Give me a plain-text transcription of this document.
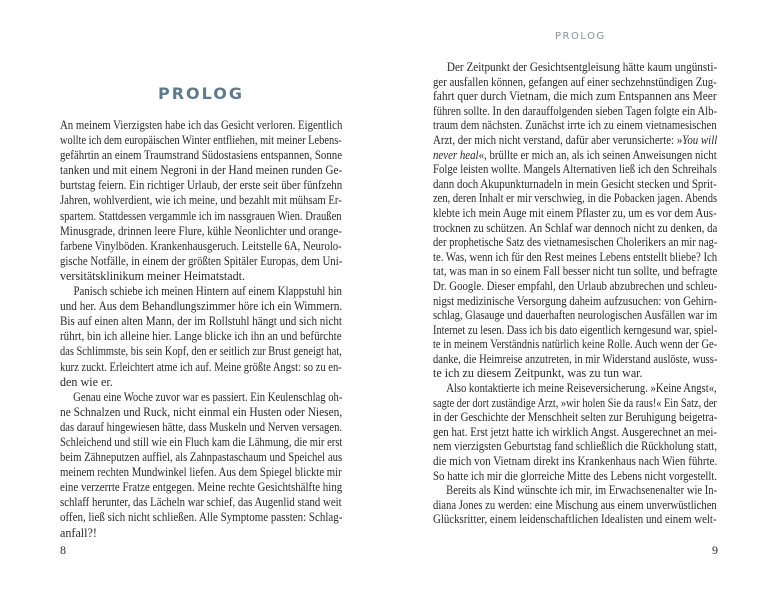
PROLOG
An meinem Vierzigsten habe ich das Gesicht verloren. Eigentlich
wollte ich dem europäischen Winter entfliehen, mit meiner Lebens-
gefährtin an einem Traumstrand Südostasiens entspannen, Sonne
tanken und mit einem Negroni in der Hand meinen runden Ge-
burtstag feiern. Ein richtiger Urlaub, der erste seit über fünfzehn
Jahren, wohlverdient, wie ich meine, und bezahlt mit mühsam Er-
spartem. Stattdessen vergammle ich im nassgrauen Wien. Draußen
Minusgrade, drinnen leere Flure, kühle Neonlichter und orange-
farbene Vinylböden. Krankenhausgeruch. Leitstelle 6A, Neurolo-
gische Notfälle, in einem der größten Spitäler Europas, dem Uni-
versitätsklinikum meiner Heimatstadt.
Panisch schiebe ich meinen Hintern auf einem Klappstuhl hin
und her. Aus dem Behandlungszimmer höre ich ein Wimmern.
Bis auf einen alten Mann, der im Rollstuhl hängt und sich nicht
rührt, bin ich alleine hier. Lange blicke ich ihn an und befürchte
das Schlimmste, bis sein Kopf, den er seitlich zur Brust geneigt hat,
kurz zuckt. Erleichtert atme ich auf. Meine größte Angst: so zu en-
den wie er.
Genau eine Woche zuvor war es passiert. Ein Keulenschlag oh-
ne Schnalzen und Ruck, nicht einmal ein Husten oder Niesen,
das darauf hingewiesen hätte, dass Muskeln und Nerven versagen.
Schleichend und still wie ein Fluch kam die Lähmung, die mir erst
beim Zähneputzen auffiel, als Zahnpastaschaum und Speichel aus
meinem rechten Mundwinkel liefen. Aus dem Spiegel blickte mir
eine verzerrte Fratze entgegen. Meine rechte Gesichtshälfte hing
schlaff herunter, das Lächeln war schief, das Augenlid stand weit
offen, ließ sich nicht schließen. Alle Symptome passten: Schlag-
anfall?!
8
PROLOG
Der Zeitpunkt der Gesichtsentgleisung hätte kaum ungünsti-
ger ausfallen können, gefangen auf einer sechzehnstündigen Zug-
fahrt quer durch Vietnam, die mich zum Entspannen ans Meer
führen sollte. In den darauffolgenden sieben Tagen folgte ein Alb-
traum dem nächsten. Zunächst irrte ich zu einem vietnamesischen
Arzt, der mich nicht verstand, dafür aber verunsicherte: »You will
never heal«, brüllte er mich an, als ich seinen Anweisungen nicht
Folge leisten wollte. Mangels Alternativen ließ ich den Schreihals
dann doch Akupunkturnadeln in mein Gesicht stecken und Sprit-
zen, deren Inhalt er mir verschwieg, in die Pobacken jagen. Abends
klebte ich mein Auge mit einem Pflaster zu, um es vor dem Aus-
trocknen zu schützen. An Schlaf war dennoch nicht zu denken, da
der prophetische Satz des vietnamesischen Cholerikers an mir nag-
te. Was, wenn ich für den Rest meines Lebens entstellt bliebe? Ich
tat, was man in so einem Fall besser nicht tun sollte, und befragte
Dr. Google. Dieser empfahl, den Urlaub abzubrechen und schleu-
nigst medizinische Versorgung daheim aufzusuchen: von Gehirn-
schlag, Glasauge und dauerhaften neurologischen Ausfällen war im
Internet zu lesen. Dass ich bis dato eigentlich kerngesund war, spiel-
te in meinem Verständnis natürlich keine Rolle. Auch wenn der Ge-
danke, die Heimreise anzutreten, in mir Widerstand auslöste, wuss-
te ich zu diesem Zeitpunkt, was zu tun war.
Also kontaktierte ich meine Reiseversicherung. »Keine Angst«,
sagte der dort zuständige Arzt, »wir holen Sie da raus!« Ein Satz, der
in der Geschichte der Menschheit selten zur Beruhigung beigetra-
gen hat. Erst jetzt hatte ich wirklich Angst. Ausgerechnet an mei-
nem vierzigsten Geburtstag fand schließlich die Rückholung statt,
die mich von Vietnam direkt ins Krankenhaus nach Wien führte.
So hatte ich mir die glorreiche Mitte des Lebens nicht vorgestellt.
Bereits als Kind wünschte ich mir, im Erwachsenenalter wie In-
diana Jones zu werden: eine Mischung aus einem unverwüstlichen
Glücksritter, einem leidenschaftlichen Idealisten und einem welt-
9
